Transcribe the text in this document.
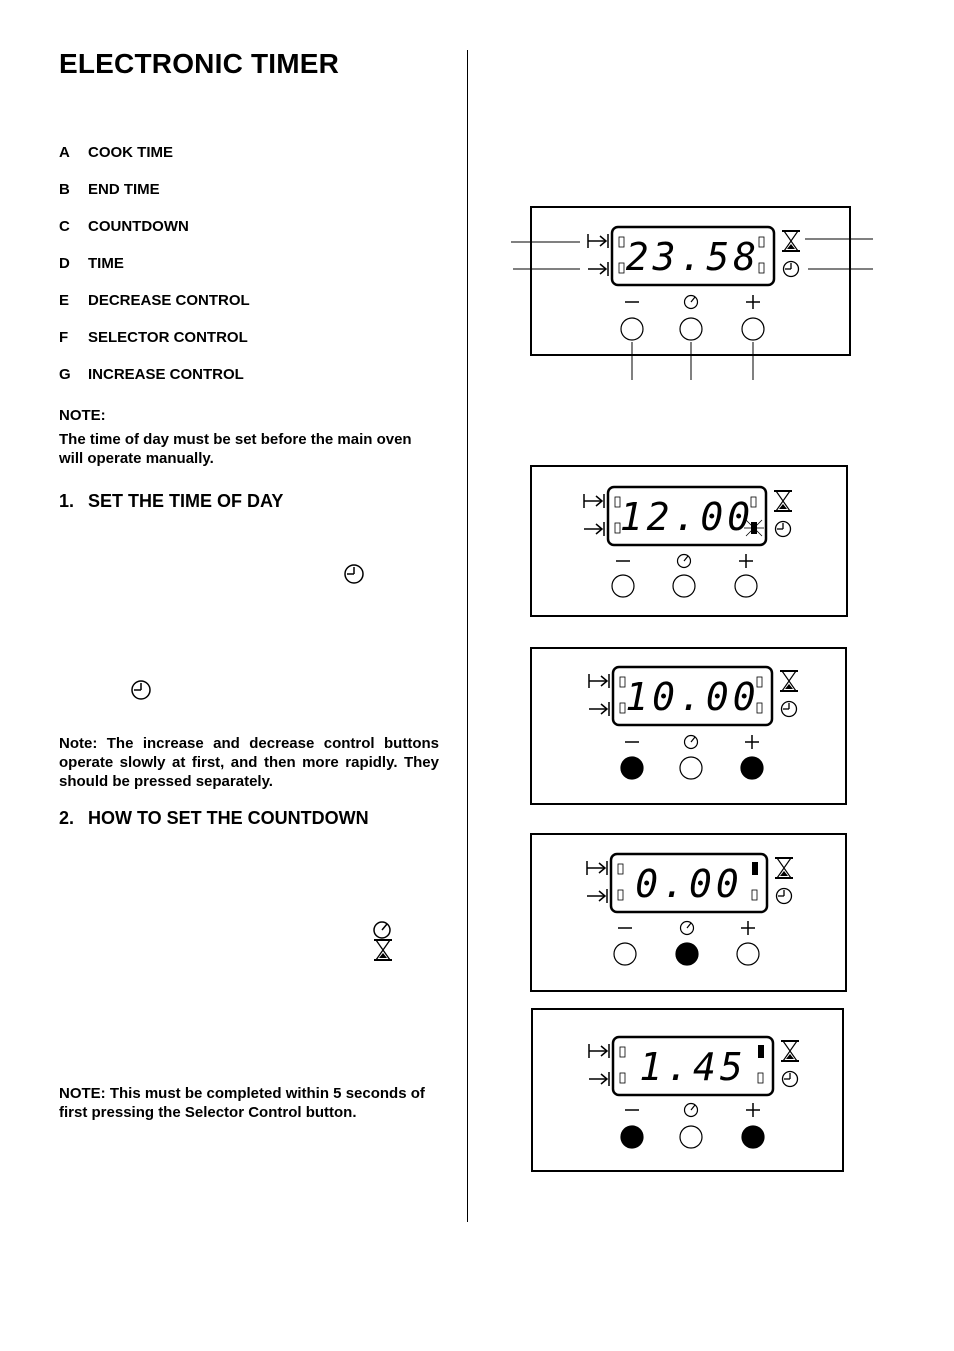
ELECTRONIC TIMER
A	COOK TIME
B	END TIME
C	COUNTDOWN
D	TIME
E	DECREASE CONTROL
F	SELECTOR CONTROL
G	INCREASE CONTROL
NOTE:
The time of day must be set before the main oven will operate manually.
1. SET THE TIME OF DAY
Note: The increase and decrease control buttons operate slowly at first, and then more rapidly. They should be pressed separately.
2. HOW TO SET THE COUNTDOWN
NOTE: This must be completed within 5 seconds of first pressing the Selector Control button.
23.58
12.00
10.00
0.00
1.45
